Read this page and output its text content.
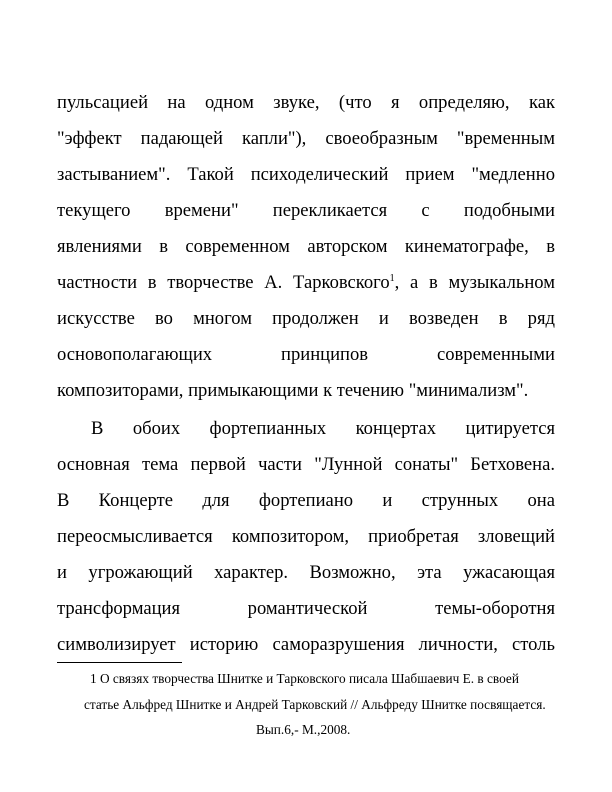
пульсацией на одном звуке, (что я определяю, как
"эффект падающей капли"), своеобразным "временным
застыванием". Такой психоделический прием "медленно
текущего времени" перекликается с подобными
явлениями в современном авторском кинематографе, в
частности в творчестве А. Тарковского$^1$, а в музыкальном
искусстве во многом продолжен и возведен в ряд
основополагающих принципов современными
композиторами, примыкающими к течению "минимализм".
В обоих фортепианных концертах цитируется
основная тема первой части "Лунной сонаты" Бетховена.
В Концерте для фортепиано и струнных она
переосмысливается композитором, приобретая зловещий
и угрожающий характер. Возможно, эта ужасающая
трансформация романтической темы-оборотня
символизирует историю саморазрушения личности, столь
1 О связях творчества Шнитке и Тарковского писала Шабшаевич Е. в своей
статье Альфред Шнитке и Андрей Тарковский // Альфреду Шнитке посвящается.
Вып.6,- М.,2008.
